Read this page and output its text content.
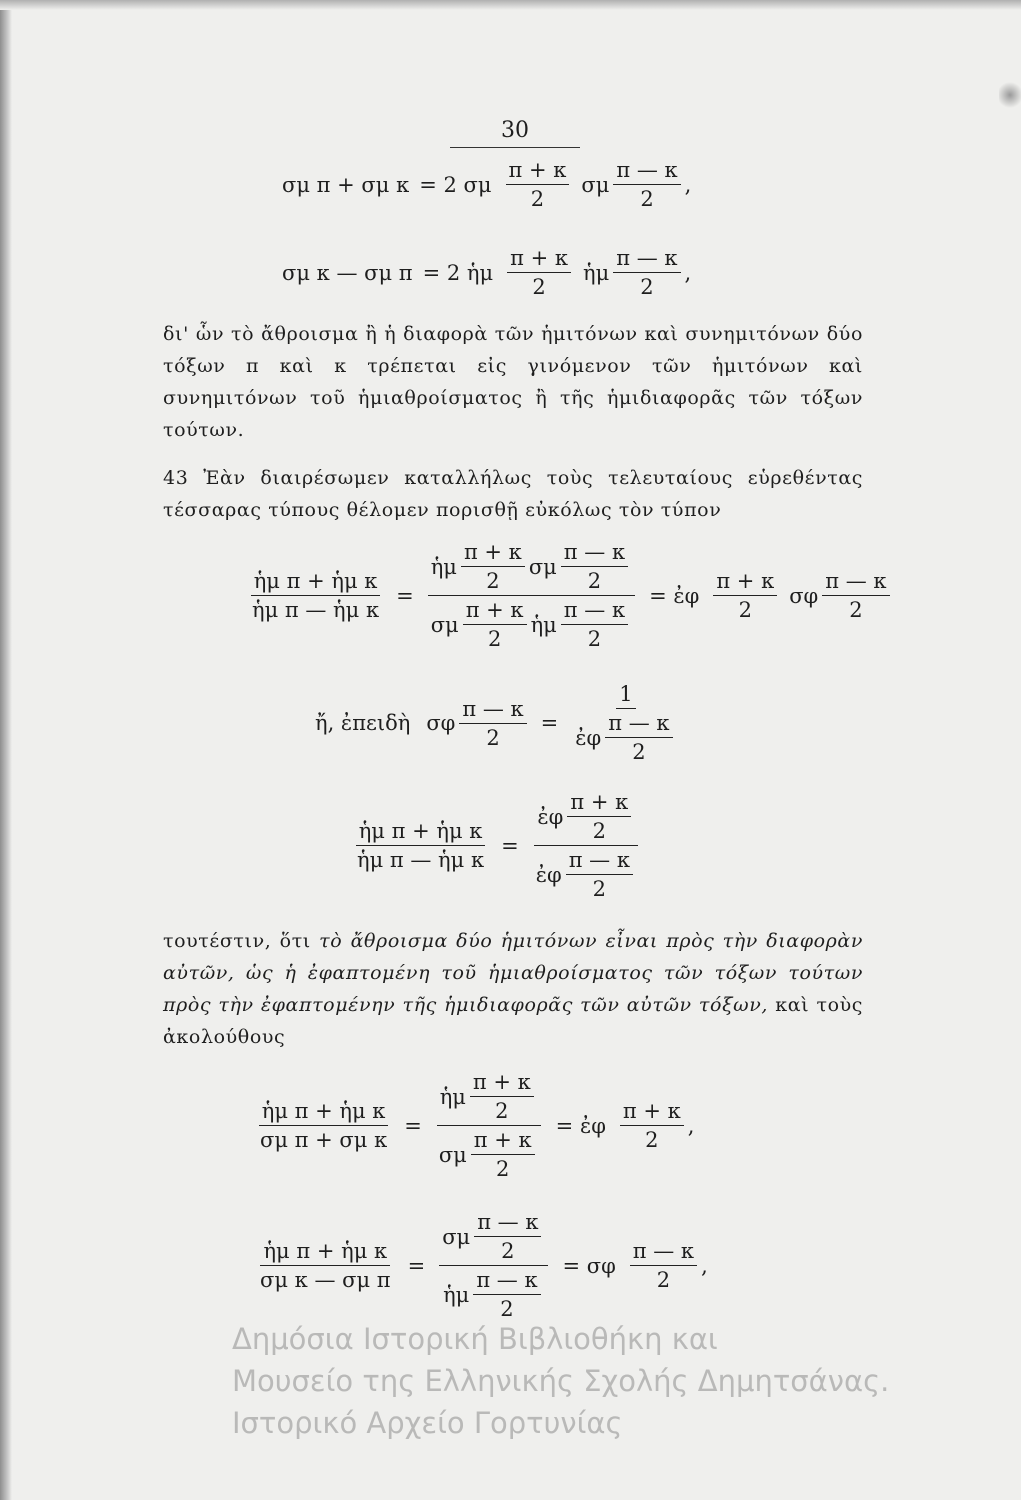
30
σμ π + σμ κ = 2 σμ $\frac{\pi + \kappa}{2}$ σμ $\frac{\pi — \kappa}{2}$ ,
σμ κ — σμ π = 2 ἡμ $\frac{\pi + \kappa}{2}$ ἡμ $\frac{\pi — \kappa}{2}$ ,

δι' ὧν τὸ ἄθροισμα ἢ ἡ διαφορὰ τῶν ἡμιτόνων καὶ συνημιτόνων δύο τόξων π καὶ κ τρέπεται εἰς γινόμενον τῶν ἡμιτόνων καὶ συνημιτόνων τοῦ ἡμιαθροίσματος ἢ τῆς ἡμιδιαφορᾶς τῶν τόξων τούτων.

43 Ἐὰν διαιρέσωμεν καταλλήλως τοὺς τελευταίους εὑρεθέντας τέσσαρας τύπους θέλομεν πορισθῇ εὐκόλως τὸν τύπον

$\frac{\text{ἡμ π + ἡμ κ}}{\text{ἡμ π — ἡμ κ}}$ =
ἡμ $\frac{\pi + \kappa}{2}$ σμ $\frac{\pi — \kappa}{2}$
σμ $\frac{\pi + \kappa}{2}$ ἡμ $\frac{\pi — \kappa}{2}$
= ἐφ $\frac{\pi + \kappa}{2}$ σφ $\frac{\pi — \kappa}{2}$
ἤ, ἐπειδὴ σφ $\frac{\pi — \kappa}{2} = \frac{1}{ἐ\varphi \frac{\pi — \kappa}{2}}$
$\frac{\text{ἡμ π + ἡμ κ}}{\text{ἡμ π — ἡμ κ}} = \frac{ἐ\varphi \frac{\pi + \kappa}{2}}{ἐ\varphi \frac{\pi — \kappa}{2}}$

τουτέστιν, ὅτι τὸ ἄθροισμα δύο ἡμιτόνων εἶναι πρὸς τὴν διαφορὰν αὐτῶν, ὡς ἡ ἐφαπτομένη τοῦ ἡμιαθροίσματος τῶν τόξων τούτων πρὸς τὴν ἐφαπτομένην τῆς ἡμιδιαφορᾶς τῶν αὐτῶν τόξων, καὶ τοὺς ἀκολούθους

$\frac{\text{ἡμ π + ἡμ κ}}{\text{σμ π + σμ κ}} = \frac{ἡ\mu \frac{\pi + \kappa}{2}}{\sigma\mu \frac{\pi + \kappa}{2}}$ = ἐφ $\frac{\pi + \kappa}{2}$ ,
$\frac{\text{ἡμ π + ἡμ κ}}{\text{σμ κ — σμ π}} = \frac{\sigma\mu \frac{\pi — \kappa}{2}}{ἡ\mu \frac{\pi — \kappa}{2}} = \sigma\varphi \frac{\pi — \kappa}{2}$ ,
Δημόσια Ιστορική Βιβλιοθήκη και
Μουσείο της Ελληνικής Σχολής Δημητσάνας.
Ιστορικό Αρχείο Γορτυνίας
